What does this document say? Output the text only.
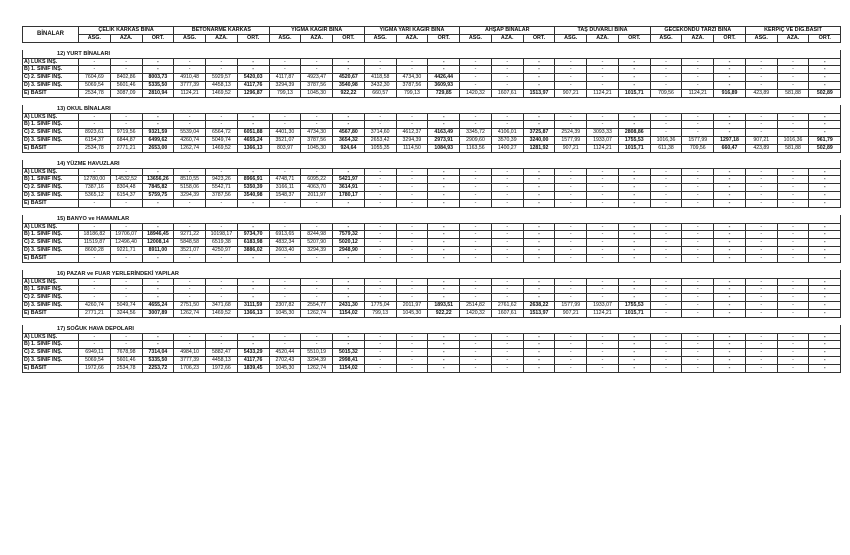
BİNALAR	ÇELİK KARKAS BİNA			BETONARME KARKAS			YIĞMA KAGİR BİNA			YIĞMA YARI KAGİR BİNA			AHŞAP BİNALAR			TAŞ DUVARLI BİNA			GECEKONDU TARZI BİNA			KERPİÇ VE DİĞ.BASİT		
	ASG.	AZA.	ORT.	ASG.	AZA.	ORT.	ASG.	AZA.	ORT.	ASG.	AZA.	ORT.	ASG.	AZA.	ORT.	ASG.	AZA.	ORT.	ASG.	AZA.	ORT.	ASG.	AZA.	ORT.

12) YURT BİNALARI																								
A) LÜKS İNŞ.	-	-	-	-	-	-	-	-	-	-	-	-	-	-	-	-	-	-	-	-	-	-	-	-
B) 1. SINIF İNŞ.	-	-	-	-	-	-	-	-	-	-	-	-	-	-	-	-	-	-	-	-	-	-	-	-
C) 2. SINIF İNŞ.	7604,69	8402,86	8003,73	4910,48	5929,57	5420,03	4117,87	4923,47	4520,67	4118,58	4734,30	4426,44	-	-	-	-	-	-	-	-	-	-	-	-
D) 3. SINIF İNŞ.	5069,54	5601,46	5335,50	3777,39	4458,13	4117,76	3294,39	3787,56	3540,98	3432,30	3787,56	3609,93	-	-	-	-	-	-	-	-	-	-	-	-
E) BASİT	2534,78	3087,09	2810,94	1124,21	1469,52	1296,87	799,13	1045,30	922,22	660,57	799,13	729,85	1420,32	1607,61	1513,97	907,21	1124,21	1015,71	709,56	1124,21	916,89	423,89	581,88	502,89

13) OKUL BİNALARI																								
A) LÜKS İNŞ.	-	-	-	-	-	-	-	-	-	-	-	-	-	-	-	-	-	-	-	-	-	-	-	-
B) 1. SINIF İNŞ.	-	-	-	-	-	-	-	-	-	-	-	-	-	-	-	-	-	-	-	-	-	-	-	-
C) 2. SINIF İNŞ.	8923,61	9719,56	9321,59	5539,04	6564,72	6051,88	4401,30	4734,30	4567,80	3714,60	4612,37	4163,49	3345,72	4106,01	3725,87	2524,39	3093,33	2808,86	-	-	-	-	-	-
D) 3. SINIF İNŞ.	6154,37	6844,87	6499,62	4260,74	5049,74	4655,24	3521,07	3787,56	3654,32	2653,42	3294,39	2973,91	2909,60	3570,39	3240,00	1577,99	1933,07	1755,53	1016,36	1577,99	1297,18	907,21	1016,36	961,79
E) BASİT	2534,78	2771,21	2653,00	1262,74	1469,52	1366,13	803,97	1045,30	924,64	1055,35	1114,50	1084,93	1163,56	1400,27	1281,92	907,21	1124,21	1015,71	611,38	709,56	660,47	423,89	581,88	502,89

14) YÜZME HAVUZLARI																								
A) LÜKS İNŞ.	-	-	-	-	-	-	-	-	-	-	-	-	-	-	-	-	-	-	-	-	-	-	-	-
B) 1. SINIF İNŞ.	12780,00	14532,52	13656,26	8510,55	9423,26	8966,91	4748,71	6095,22	5421,97	-	-	-	-	-	-	-	-	-	-	-	-	-	-	-
C) 2. SINIF İNŞ.	7387,16	8304,48	7845,82	5158,06	5542,71	5350,39	3166,11	4063,70	3614,91	-	-	-	-	-	-	-	-	-	-	-	-	-	-	-
D) 3. SINIF İNŞ.	5365,12	6154,37	5759,75	3294,39	3787,56	3540,98	1548,37	2011,97	1780,17	-	-	-	-	-	-	-	-	-	-	-	-	-	-	-
E) BASİT	-	-	-	-	-	-	-	-	-	-	-	-	-	-	-	-	-	-	-	-	-	-	-	-

15) BANYO ve HAMAMLAR																								
A) LÜKS İNŞ.	-	-	-	-	-	-	-	-	-	-	-	-	-	-	-	-	-	-	-	-	-	-	-	-
B) 1. SINIF İNŞ.	18186,82	19706,07	18946,45	9271,22	10198,17	9734,70	6913,65	8244,98	7579,32	-	-	-	-	-	-	-	-	-	-	-	-	-	-	-
C) 2. SINIF İNŞ.	11519,87	12496,40	12008,14	5848,58	6519,38	6183,98	4832,34	5207,90	5020,12	-	-	-	-	-	-	-	-	-	-	-	-	-	-	-
D) 3. SINIF İNŞ.	8600,28	9221,71	8911,00	3521,07	4250,97	3886,02	2603,40	3294,39	2948,90	-	-	-	-	-	-	-	-	-	-	-	-	-	-	-
E) BASİT	-	-	-	-	-	-	-	-	-	-	-	-	-	-	-	-	-	-	-	-	-	-	-	-

16) PAZAR ve FUAR YERLERİNDEKİ YAPILAR																								
A) LÜKS İNŞ.	-	-	-	-	-	-	-	-	-	-	-	-	-	-	-	-	-	-	-	-	-	-	-	-
B) 1. SINIF İNŞ.	-	-	-	-	-	-	-	-	-	-	-	-	-	-	-	-	-	-	-	-	-	-	-	-
C) 2. SINIF İNŞ.	-	-	-	-	-	-	-	-	-	-	-	-	-	-	-	-	-	-	-	-	-	-	-	-
D) 3. SINIF İNŞ.	4260,74	5049,74	4655,24	2751,50	3471,68	3111,59	2307,82	2554,77	2431,30	1775,04	2011,97	1893,51	2514,82	2761,62	2638,22	1577,99	1933,07	1755,53	-	-	-	-	-	-
E) BASİT	2771,21	3244,56	3007,89	1262,74	1469,52	1366,13	1045,30	1262,74	1154,02	799,13	1045,30	922,22	1420,32	1607,61	1513,97	907,21	1124,21	1015,71	-	-	-	-	-	-

17) SOĞUK HAVA DEPOLARI																								
A) LÜKS İNŞ.	-	-	-	-	-	-	-	-	-	-	-	-	-	-	-	-	-	-	-	-	-	-	-	-
B) 1. SINIF İNŞ.	-	-	-	-	-	-	-	-	-	-	-	-	-	-	-	-	-	-	-	-	-	-	-	-
C) 2. SINIF İNŞ.	6949,11	7678,98	7314,04	4984,10	5882,47	5433,29	4520,44	5510,19	5015,32	-	-	-	-	-	-	-	-	-	-	-	-	-	-	-
D) 3. SINIF İNŞ.	5069,54	5601,46	5335,50	3777,39	4458,13	4117,76	2702,43	3294,39	2998,41	-	-	-	-	-	-	-	-	-	-	-	-	-	-	-
E) BASİT	1972,66	2534,78	2253,72	1706,23	1972,66	1839,45	1045,30	1262,74	1154,02	-	-	-	-	-	-	-	-	-	-	-	-	-	-	-
